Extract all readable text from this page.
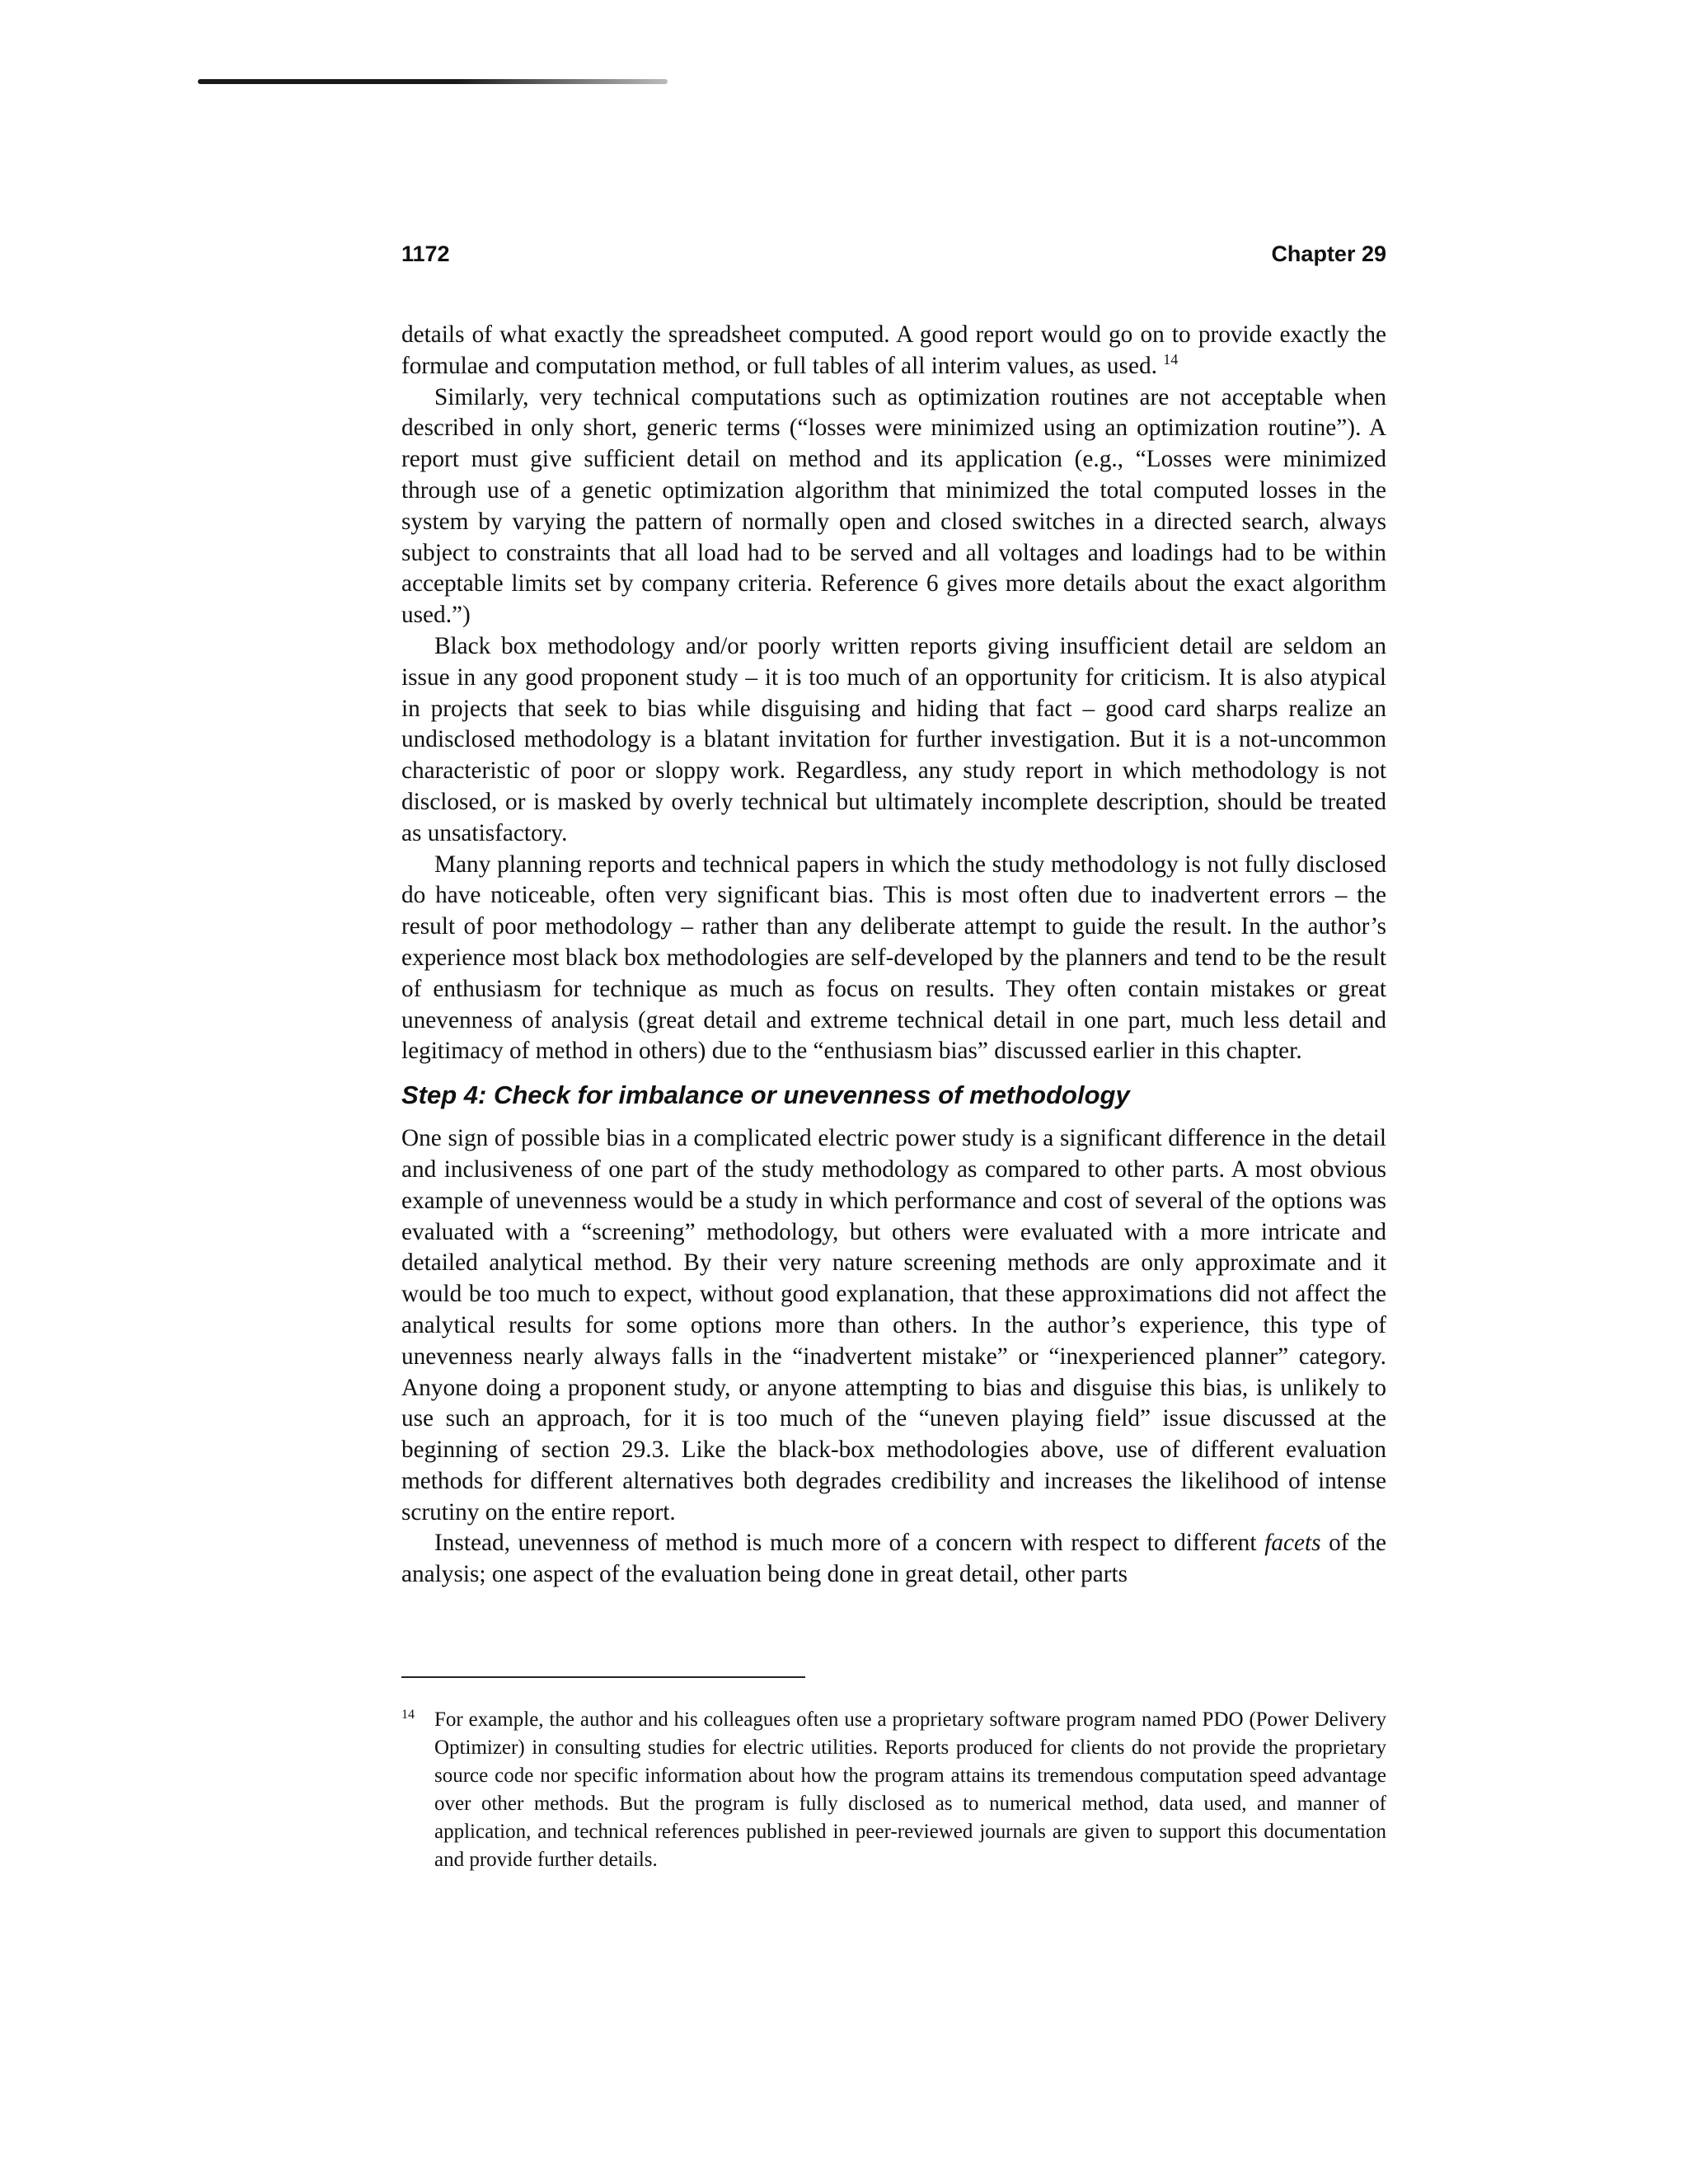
1172	Chapter 29

details of what exactly the spreadsheet computed. A good report would go on to provide exactly the formulae and computation method, or full tables of all interim values, as used. $^{14}$

Similarly, very technical computations such as optimization routines are not acceptable when described in only short, generic terms (“losses were minimized using an optimization routine”). A report must give sufficient detail on method and its application (e.g., “Losses were minimized through use of a genetic optimization algorithm that minimized the total computed losses in the system by varying the pattern of normally open and closed switches in a directed search, always subject to constraints that all load had to be served and all voltages and loadings had to be within acceptable limits set by company criteria. Reference 6 gives more details about the exact algorithm used.”)

Black box methodology and/or poorly written reports giving insufficient detail are seldom an issue in any good proponent study – it is too much of an opportunity for criticism. It is also atypical in projects that seek to bias while disguising and hiding that fact – good card sharps realize an undisclosed methodology is a blatant invitation for further investigation. But it is a not-uncommon characteristic of poor or sloppy work. Regardless, any study report in which methodology is not disclosed, or is masked by overly technical but ultimately incomplete description, should be treated as unsatisfactory.

Many planning reports and technical papers in which the study methodology is not fully disclosed do have noticeable, often very significant bias. This is most often due to inadvertent errors – the result of poor methodology – rather than any deliberate attempt to guide the result. In the author’s experience most black box methodologies are self-developed by the planners and tend to be the result of enthusiasm for technique as much as focus on results. They often contain mistakes or great unevenness of analysis (great detail and extreme technical detail in one part, much less detail and legitimacy of method in others) due to the “enthusiasm bias” discussed earlier in this chapter.

Step 4: Check for imbalance or unevenness of methodology

One sign of possible bias in a complicated electric power study is a significant difference in the detail and inclusiveness of one part of the study methodology as compared to other parts. A most obvious example of unevenness would be a study in which performance and cost of several of the options was evaluated with a “screening” methodology, but others were evaluated with a more intricate and detailed analytical method. By their very nature screening methods are only approximate and it would be too much to expect, without good explanation, that these approximations did not affect the analytical results for some options more than others. In the author’s experience, this type of unevenness nearly always falls in the “inadvertent mistake” or “inexperienced planner” category. Anyone doing a proponent study, or anyone attempting to bias and disguise this bias, is unlikely to use such an approach, for it is too much of the “uneven playing field” issue discussed at the beginning of section 29.3. Like the black-box methodologies above, use of different evaluation methods for different alternatives both degrades credibility and increases the likelihood of intense scrutiny on the entire report.

Instead, unevenness of method is much more of a concern with respect to different facets of the analysis; one aspect of the evaluation being done in great detail, other parts

14 For example, the author and his colleagues often use a proprietary software program named PDO (Power Delivery Optimizer) in consulting studies for electric utilities. Reports produced for clients do not provide the proprietary source code nor specific information about how the program attains its tremendous computation speed advantage over other methods. But the program is fully disclosed as to numerical method, data used, and manner of application, and technical references published in peer-reviewed journals are given to support this documentation and provide further details.
